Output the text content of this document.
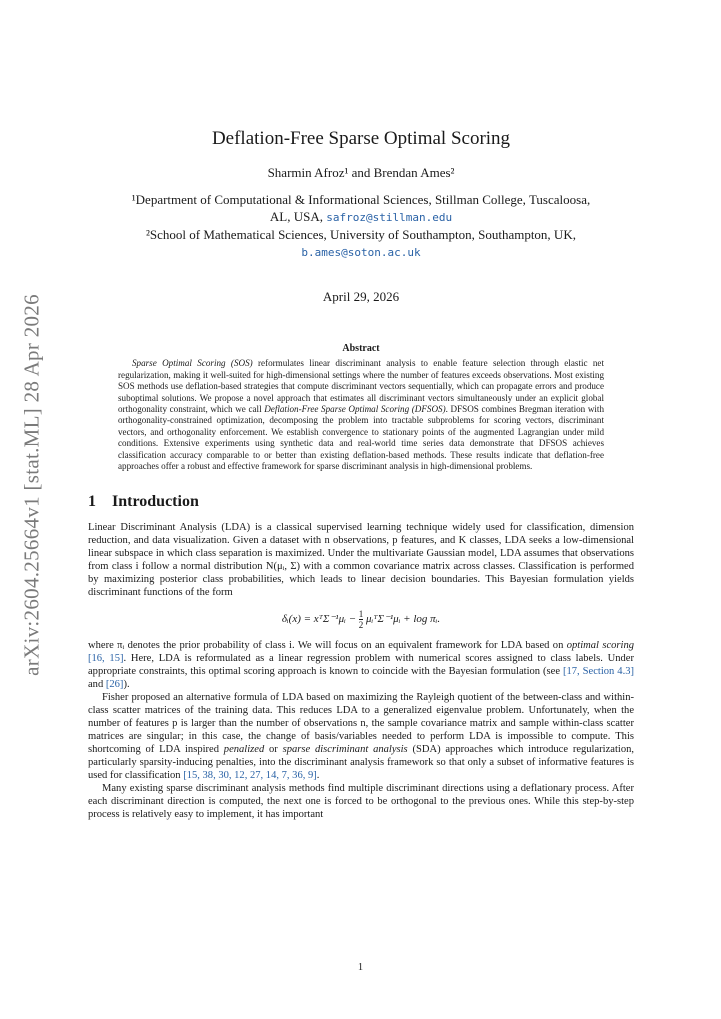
arXiv:2604.25664v1 [stat.ML] 28 Apr 2026
Deflation-Free Sparse Optimal Scoring
Sharmin Afroz¹ and Brendan Ames²
¹Department of Computational & Informational Sciences, Stillman College, Tuscaloosa,
AL, USA, safroz@stillman.edu
²School of Mathematical Sciences, University of Southampton, Southampton, UK,
b.ames@soton.ac.uk
April 29, 2026
Abstract

Sparse Optimal Scoring (SOS) reformulates linear discriminant analysis to enable feature selection through elastic net regularization, making it well-suited for high-dimensional settings where the number of features exceeds observations. Most existing SOS methods use deflation-based strategies that compute discriminant vectors sequentially, which can propagate errors and produce suboptimal solutions. We propose a novel approach that estimates all discriminant vectors simultaneously under an explicit global orthogonality constraint, which we call Deflation-Free Sparse Optimal Scoring (DFSOS). DFSOS combines Bregman iteration with orthogonality-constrained optimization, decomposing the problem into tractable subproblems for scoring vectors, discriminant vectors, and orthogonality enforcement. We establish convergence to stationary points of the augmented Lagrangian under mild conditions. Extensive experiments using synthetic data and real-world time series data demonstrate that DFSOS achieves classification accuracy comparable to or better than existing deflation-based methods. These results indicate that deflation-free approaches offer a robust and effective framework for sparse discriminant analysis in high-dimensional problems.

1 Introduction

Linear Discriminant Analysis (LDA) is a classical supervised learning technique widely used for classification, dimension reduction, and data visualization. Given a dataset with n observations, p features, and K classes, LDA seeks a low-dimensional linear subspace in which class separation is maximized. Under the multivariate Gaussian model, LDA assumes that observations from class i follow a normal distribution N(μᵢ, Σ) with a common covariance matrix across classes. Classification is performed by maximizing posterior class probabilities, which leads to linear decision boundaries. This Bayesian formulation yields discriminant functions of the form

δᵢ(x) = xᵀΣ⁻¹μᵢ − $\frac{1}{2}$ μᵢᵀΣ⁻¹μᵢ + log πᵢ.

where πᵢ denotes the prior probability of class i. We will focus on an equivalent framework for LDA based on optimal scoring [16, 15]. Here, LDA is reformulated as a linear regression problem with numerical scores assigned to class labels. Under appropriate constraints, this optimal scoring approach is known to coincide with the Bayesian formulation (see [17, Section 4.3] and [26]).

Fisher proposed an alternative formula of LDA based on maximizing the Rayleigh quotient of the between-class and within-class scatter matrices of the training data. This reduces LDA to a generalized eigenvalue problem. Unfortunately, when the number of features p is larger than the number of observations n, the sample covariance matrix and sample within-class scatter matrices are singular; in this case, the change of basis/variables needed to perform LDA is impossible to compute. This shortcoming of LDA inspired penalized or sparse discriminant analysis (SDA) approaches which introduce regularization, particularly sparsity-inducing penalties, into the discriminant analysis framework so that only a subset of informative features is used for classification [15, 38, 30, 12, 27, 14, 7, 36, 9].

Many existing sparse discriminant analysis methods find multiple discriminant directions using a deflationary process. After each discriminant direction is computed, the next one is forced to be orthogonal to the previous ones. While this step-by-step process is relatively easy to implement, it has important

1
